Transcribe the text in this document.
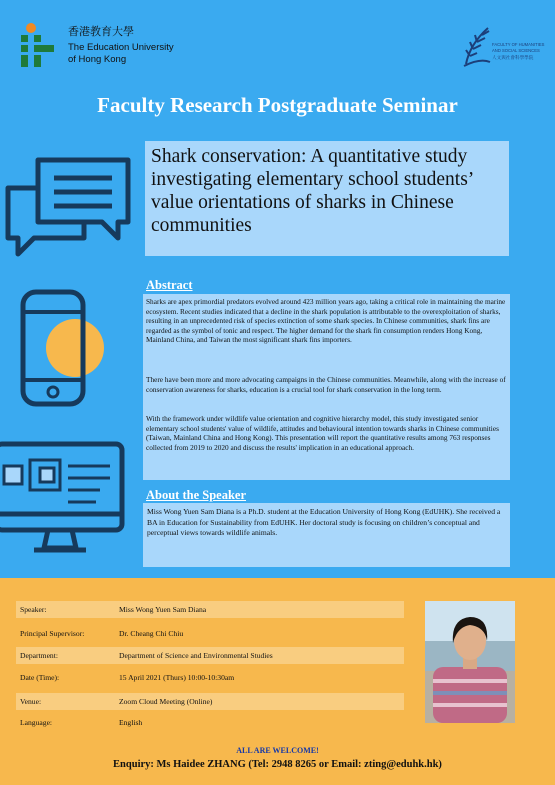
香港教育大學
The Education University
of Hong Kong
FACULTY OF HUMANITIES
AND SOCIAL SCIENCES
人文與社會科學學院
Faculty Research Postgraduate Seminar
Shark conservation: A quantitative study investigating elementary school students’ value orientations of sharks in Chinese communities
Abstract

Sharks are apex primordial predators evolved around 423 million years ago, taking a critical role in maintaining the marine ecosystem. Recent studies indicated that a decline in the shark population is attributable to the overexploitation of sharks, resulting in an unprecedented risk of species extinction of some shark species. In Chinese communities, shark fins are regarded as the symbol of tonic and respect. The higher demand for the shark fin consumption renders Hong Kong, Mainland China, and Taiwan the most significant shark fins importers.

There have been more and more advocating campaigns in the Chinese communities. Meanwhile, along with the increase of conservation awareness for sharks, education is a crucial tool for shark conservation in the long term.

With the framework under wildlife value orientation and cognitive hierarchy model, this study investigated senior elementary school students' value of wildlife, attitudes and behavioural intention towards sharks in Chinese communities (Taiwan, Mainland China and Hong Kong). This presentation will report the quantitative results among 763 responses collected from 2019 to 2020 and discuss the results' implication in an educational approach.

About the Speaker

Miss Wong Yuen Sam Diana is a Ph.D. student at the Education University of Hong Kong (EdUHK). She received a BA in Education for Sustainability from EdUHK. Her doctoral study is focusing on children’s conceptual and perceptual views towards wildlife animals.

Speaker:	Miss Wong Yuen Sam Diana
Principal Supervisor:	Dr. Cheang Chi Chiu
Department:	Department of Science and Environmental Studies
Date (Time):	15 April 2021 (Thurs) 10:00-10:30am
Venue:	Zoom Cloud Meeting (Online)
Language:	English
ALL ARE WELCOME!
Enquiry: Ms Haidee ZHANG (Tel: 2948 8265 or Email: zting@eduhk.hk)
